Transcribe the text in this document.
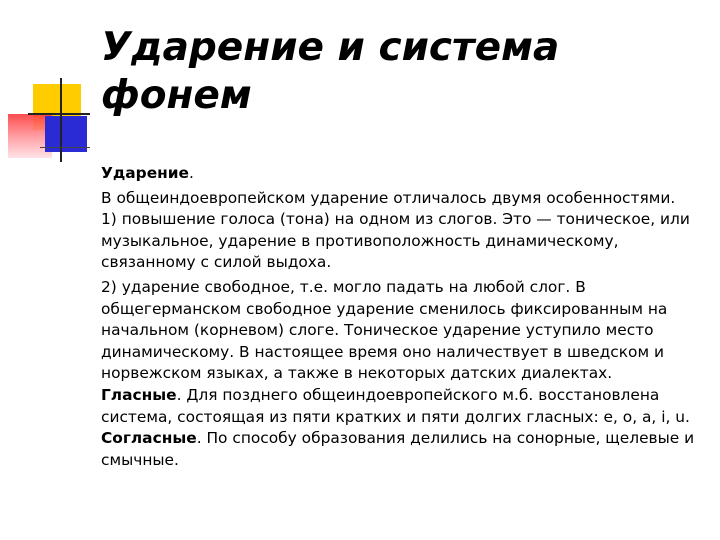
Ударение и система
фонем

Ударение.

В общеиндоевропейском ударение отличалось двумя особенностями.

1) повышение голоса (тона) на одном из слогов. Это — тоническое, или музыкальное, ударение в противоположность динамическому, связанному с силой выдоха.

2) ударение свободное, т.е. могло падать на любой слог. В общегерманском свободное ударение сменилось фиксированным на начальном (корневом) слоге. Тоническое ударение уступило место динамическому. В настоящее время оно наличествует в шведском и норвежском языках, а также в некоторых датских диалектах.

Гласные. Для позднего общеиндоевропейского м.б. восстановлена система, состоящая из пяти кратких и пяти долгих гласных: е, о, а, i, u.

Согласные. По способу образования делились на сонорные, щелевые и смычные.
